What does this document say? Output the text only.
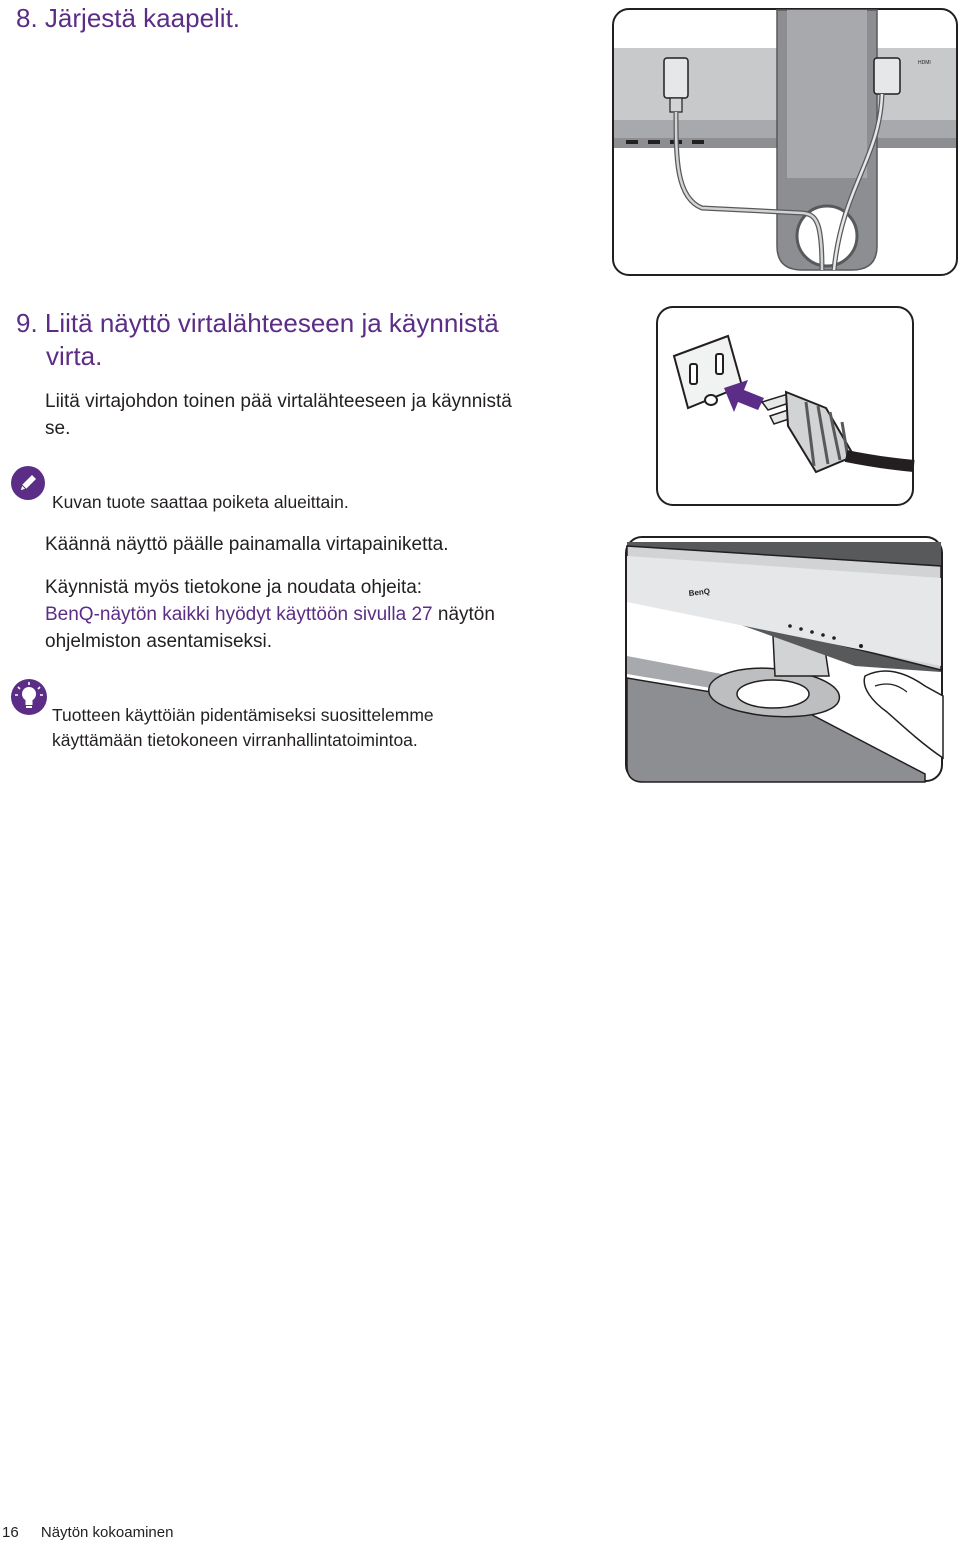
8. Järjestä kaapelit.
HDMI
9. Liitä näyttö virtalähteeseen ja käynnistä
virta.
Liitä virtajohdon toinen pää virtalähteeseen ja käynnistä
se.
Kuvan tuote saattaa poiketa alueittain.
Käännä näyttö päälle painamalla virtapainiketta.
Käynnistä myös tietokone ja noudata ohjeita:
BenQ-näytön kaikki hyödyt käyttöön sivulla 27 näytön
ohjelmiston asentamiseksi.
Tuotteen käyttöiän pidentämiseksi suosittelemme
käyttämään tietokoneen virranhallintatoimintoa.
BenQ
16 Näytön kokoaminen
